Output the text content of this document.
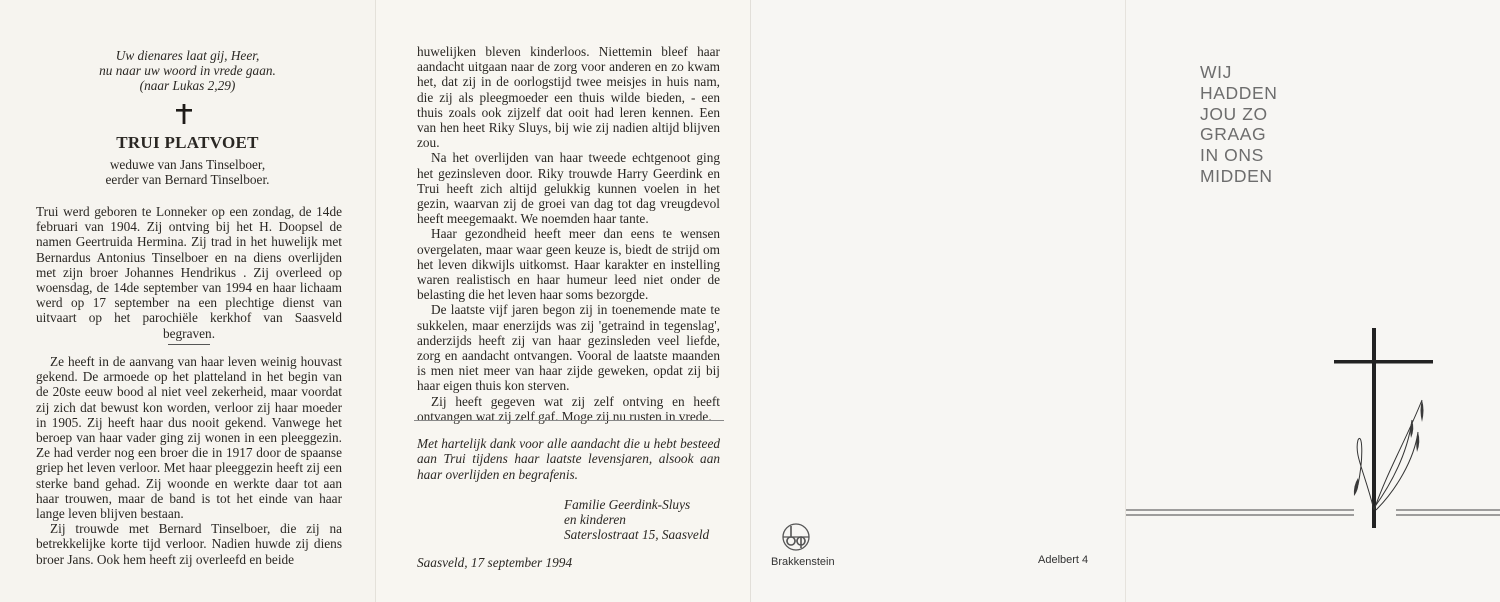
Uw dienares laat gij, Heer,
nu naar uw woord in vrede gaan.
(naar Lukas 2,29)
TRUI PLATVOET
weduwe van Jans Tinselboer,
eerder van Bernard Tinselboer.

Trui werd geboren te Lonneker op een zondag, de 14de februari van 1904. Zij ontving bij het H. Doopsel de namen Geertruida Hermina. Zij trad in het huwelijk met Bernardus Antonius Tinselboer en na diens overlijden met zijn broer Johannes Hendrikus . Zij overleed op woensdag, de 14de september van 1994 en haar lichaam werd op 17 september na een plechtige dienst van uitvaart op het parochiële kerkhof van Saasveld begraven.

Ze heeft in de aanvang van haar leven weinig houvast gekend. De armoede op het platteland in het begin van de 20ste eeuw bood al niet veel zekerheid, maar voordat zij zich dat bewust kon worden, verloor zij haar moeder in 1905. Zij heeft haar dus nooit gekend. Vanwege het beroep van haar vader ging zij wonen in een pleeggezin. Ze had verder nog een broer die in 1917 door de spaanse griep het leven verloor. Met haar pleeggezin heeft zij een sterke band gehad. Zij woonde en werkte daar tot aan haar trouwen, maar de band is tot het einde van haar lange leven blijven bestaan.

Zij trouwde met Bernard Tinselboer, die zij na betrekkelijke korte tijd verloor. Nadien huwde zij diens broer Jans. Ook hem heeft zij overleefd en beide

huwelijken bleven kinderloos. Niettemin bleef haar aandacht uitgaan naar de zorg voor anderen en zo kwam het, dat zij in de oorlogstijd twee meisjes in huis nam, die zij als pleegmoeder een thuis wilde bieden, - een thuis zoals ook zijzelf dat ooit had leren kennen. Een van hen heet Riky Sluys, bij wie zij nadien altijd blijven zou.

Na het overlijden van haar tweede echtgenoot ging het gezinsleven door. Riky trouwde Harry Geerdink en Trui heeft zich altijd gelukkig kunnen voelen in het gezin, waarvan zij de groei van dag tot dag vreugdevol heeft meegemaakt. We noemden haar tante.

Haar gezondheid heeft meer dan eens te wensen overgelaten, maar waar geen keuze is, biedt de strijd om het leven dikwijls uitkomst. Haar karakter en instelling waren realistisch en haar humeur leed niet onder de belasting die het leven haar soms bezorgde.

De laatste vijf jaren begon zij in toenemende mate te sukkelen, maar enerzijds was zij 'getraind in tegenslag', anderzijds heeft zij van haar gezinsleden veel liefde, zorg en aandacht ontvangen. Vooral de laatste maanden is men niet meer van haar zijde geweken, opdat zij bij haar eigen thuis kon sterven.

Zij heeft gegeven wat zij zelf ontving en heeft ontvangen wat zij zelf gaf. Moge zij nu rusten in vrede.

Met hartelijk dank voor alle aandacht die u hebt besteed aan Trui tijdens haar laatste levensjaren, alsook aan haar overlijden en begrafenis.

Familie Geerdink-Sluys
en kinderen
Saterslostraat 15, Saasveld
Saasveld, 17 september 1994	Brakkenstein	Adelbert 4
WIJ
HADDEN
JOU ZO
GRAAG
IN ONS
MIDDEN
